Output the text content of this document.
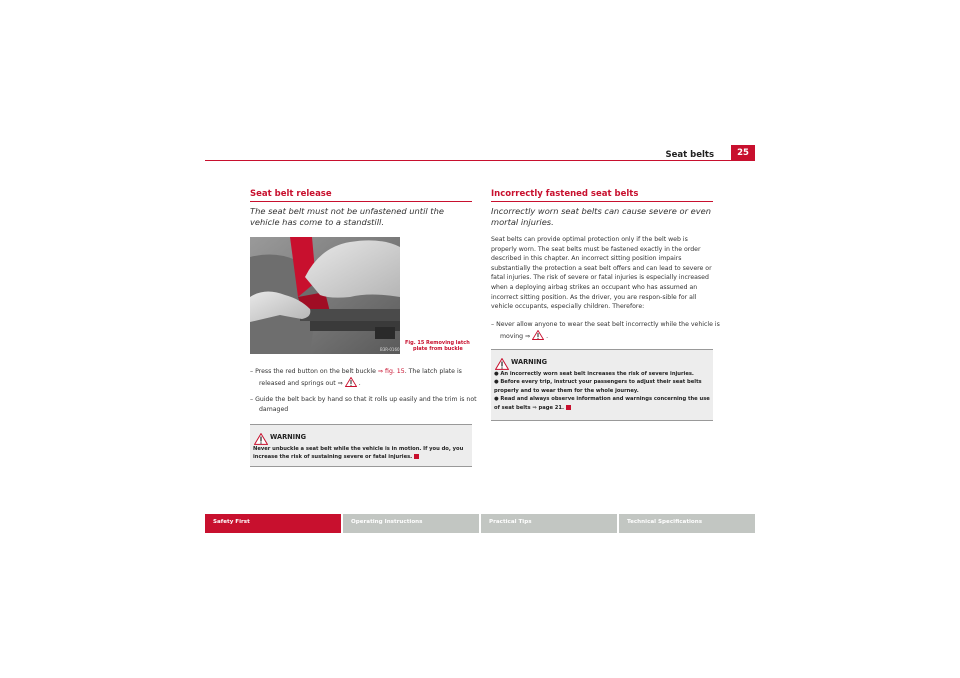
Seat belts	25
Seat belt release
The seat belt must not be unfastened until the vehicle has come to a standstill.
B3R-0160
Fig. 15 Removing latch
plate from buckle
– Press the red button on the belt buckle ⇒ fig. 15. The latch plate is released and springs out ⇒  .
– Guide the belt back by hand so that it rolls up easily and the trim is not damaged
WARNING
Never unbuckle a seat belt while the vehicle is in motion. If you do, you increase the risk of sustaining severe or fatal injuries.
Incorrectly fastened seat belts
Incorrectly worn seat belts can cause severe or even mortal injuries.
Seat belts can provide optimal protection only if the belt web is properly worn. The seat belts must be fastened exactly in the order described in this chapter. An incorrect sitting position impairs substantially the protection a seat belt offers and can lead to severe or fatal injuries. The risk of severe or fatal injuries is especially increased when a deploying airbag strikes an occupant who has assumed an incorrect sitting position. As the driver, you are respon-sible for all vehicle occupants, especially children. Therefore:
– Never allow anyone to wear the seat belt incorrectly while the vehicle is moving ⇒  .
WARNING
● An incorrectly worn seat belt increases the risk of severe injuries.
● Before every trip, instruct your passengers to adjust their seat belts properly and to wear them for the whole journey.
● Read and always observe information and warnings concerning the use of seat belts ⇒ page 21.
Safety First	Operating Instructions	Practical Tips	Technical Specifications
